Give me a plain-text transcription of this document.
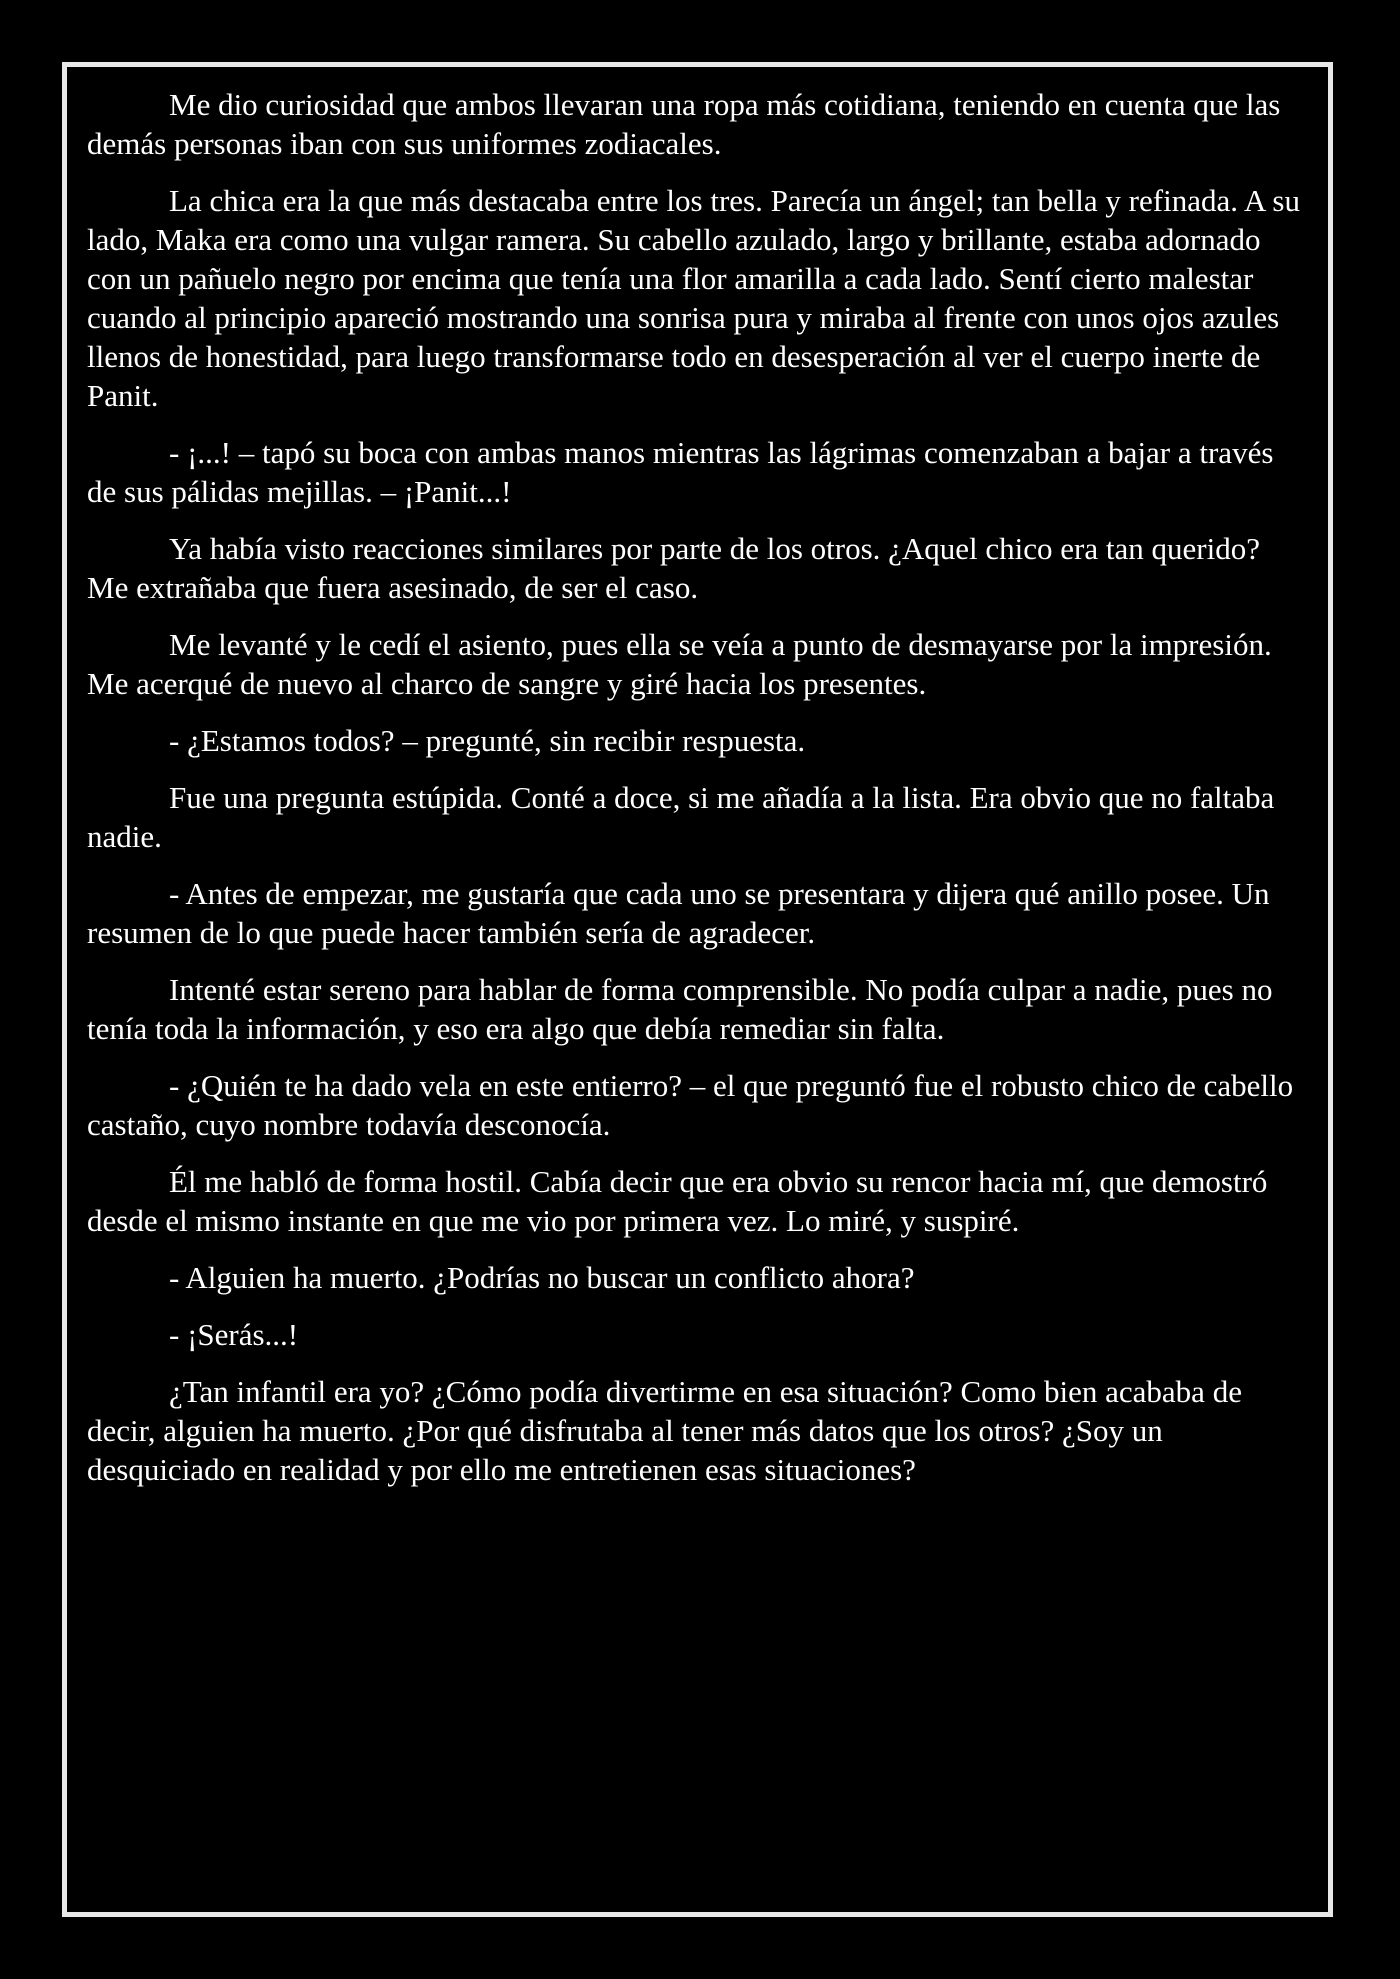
Me dio curiosidad que ambos llevaran una ropa más cotidiana, teniendo en cuenta que las demás personas iban con sus uniformes zodiacales.

La chica era la que más destacaba entre los tres. Parecía un ángel; tan bella y refinada. A su lado, Maka era como una vulgar ramera. Su cabello azulado, largo y brillante, estaba adornado con un pañuelo negro por encima que tenía una flor amarilla a cada lado. Sentí cierto malestar cuando al principio apareció mostrando una sonrisa pura y miraba al frente con unos ojos azules llenos de honestidad, para luego transformarse todo en desesperación al ver el cuerpo inerte de Panit.

- ¡...! – tapó su boca con ambas manos mientras las lágrimas comenzaban a bajar a través de sus pálidas mejillas. – ¡Panit...!

Ya había visto reacciones similares por parte de los otros. ¿Aquel chico era tan querido? Me extrañaba que fuera asesinado, de ser el caso.

Me levanté y le cedí el asiento, pues ella se veía a punto de desmayarse por la impresión. Me acerqué de nuevo al charco de sangre y giré hacia los presentes.

- ¿Estamos todos? – pregunté, sin recibir respuesta.

Fue una pregunta estúpida. Conté a doce, si me añadía a la lista. Era obvio que no faltaba nadie.

- Antes de empezar, me gustaría que cada uno se presentara y dijera qué anillo posee. Un resumen de lo que puede hacer también sería de agradecer.

Intenté estar sereno para hablar de forma comprensible. No podía culpar a nadie, pues no tenía toda la información, y eso era algo que debía remediar sin falta.

- ¿Quién te ha dado vela en este entierro? – el que preguntó fue el robusto chico de cabello castaño, cuyo nombre todavía desconocía.

Él me habló de forma hostil. Cabía decir que era obvio su rencor hacia mí, que demostró desde el mismo instante en que me vio por primera vez. Lo miré, y suspiré.

- Alguien ha muerto. ¿Podrías no buscar un conflicto ahora?

- ¡Serás...!

¿Tan infantil era yo? ¿Cómo podía divertirme en esa situación? Como bien acababa de decir, alguien ha muerto. ¿Por qué disfrutaba al tener más datos que los otros? ¿Soy un desquiciado en realidad y por ello me entretienen esas situaciones?
